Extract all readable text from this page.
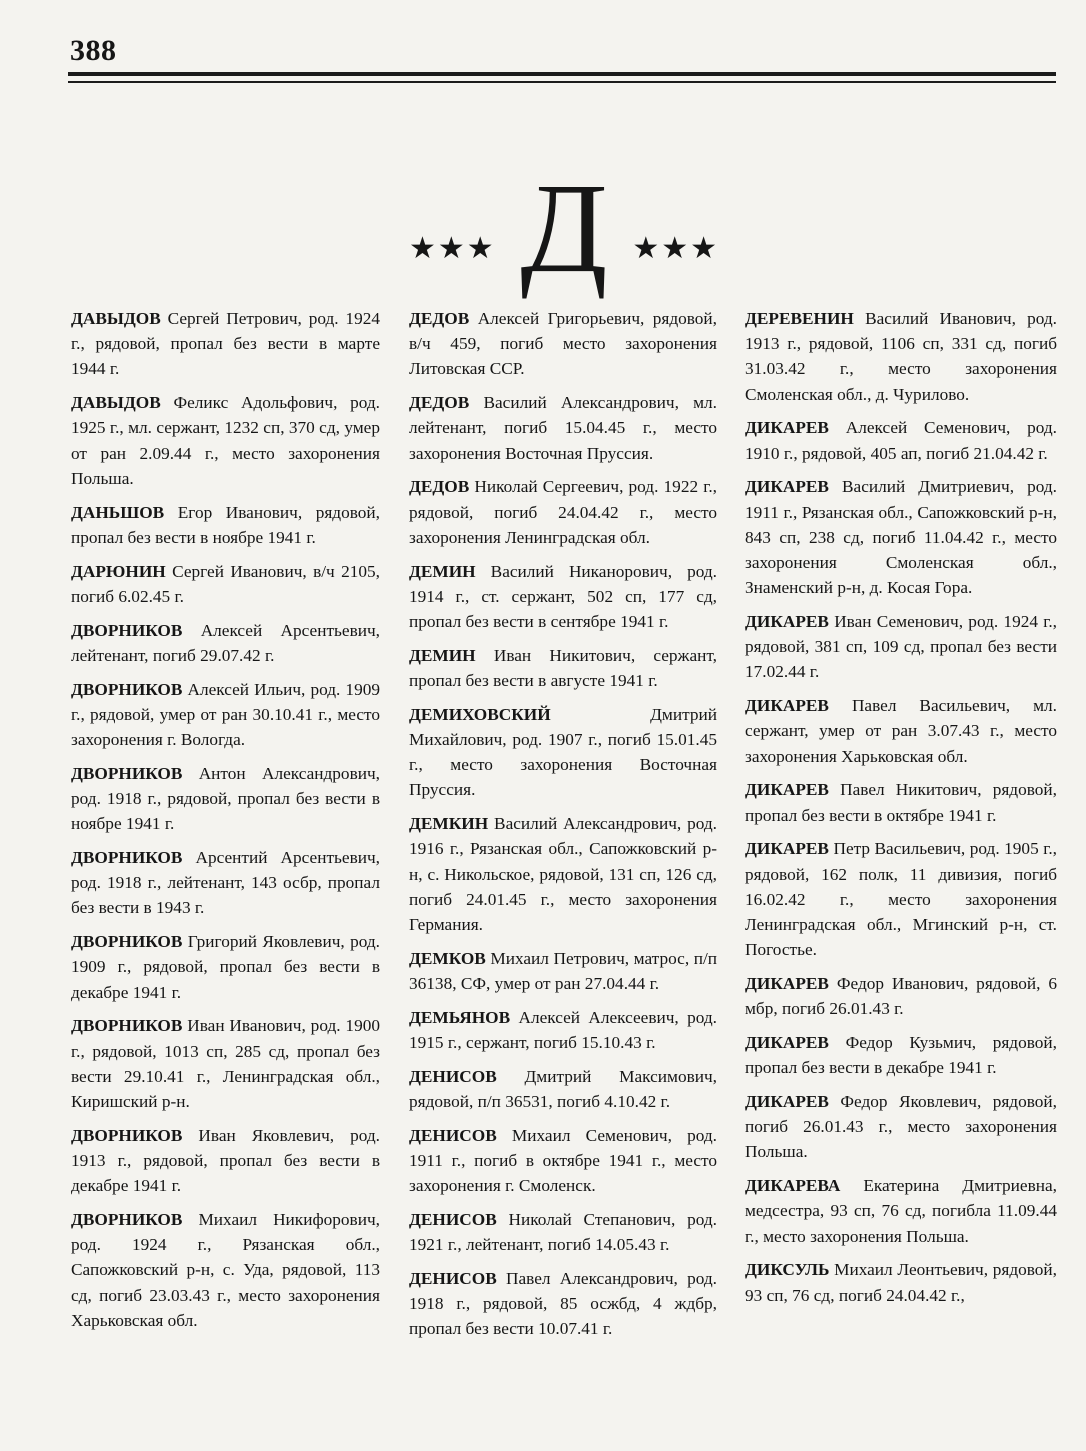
388
★★★ Д ★★★

ДАВЫДОВ Сергей Петрович, род. 1924 г., рядовой, пропал без вести в марте 1944 г.

ДАВЫДОВ Феликс Адольфович, род. 1925 г., мл. сержант, 1232 сп, 370 сд, умер от ран 2.09.44 г., место захоронения Польша.

ДАНЬШОВ Егор Иванович, рядовой, пропал без вести в ноябре 1941 г.

ДАРЮНИН Сергей Иванович, в/ч 2105, погиб 6.02.45 г.

ДВОРНИКОВ Алексей Арсентьевич, лейтенант, погиб 29.07.42 г.

ДВОРНИКОВ Алексей Ильич, род. 1909 г., рядовой, умер от ран 30.10.41 г., место захоронения г. Вологда.

ДВОРНИКОВ Антон Александрович, род. 1918 г., рядовой, пропал без вести в ноябре 1941 г.

ДВОРНИКОВ Арсентий Арсентьевич, род. 1918 г., лейтенант, 143 осбр, пропал без вести в 1943 г.

ДВОРНИКОВ Григорий Яковлевич, род. 1909 г., рядовой, пропал без вести в декабре 1941 г.

ДВОРНИКОВ Иван Иванович, род. 1900 г., рядовой, 1013 сп, 285 сд, пропал без вести 29.10.41 г., Ленинградская обл., Киришский р-н.

ДВОРНИКОВ Иван Яковлевич, род. 1913 г., рядовой, пропал без вести в декабре 1941 г.

ДВОРНИКОВ Михаил Никифорович, род. 1924 г., Рязанская обл., Сапожковский р-н, с. Уда, рядовой, 113 сд, погиб 23.03.43 г., место захоронения Харьковская обл.

ДЕДОВ Алексей Григорьевич, рядовой, в/ч 459, погиб место захоронения Литовская ССР.

ДЕДОВ Василий Александрович, мл. лейтенант, погиб 15.04.45 г., место захоронения Восточная Пруссия.

ДЕДОВ Николай Сергеевич, род. 1922 г., рядовой, погиб 24.04.42 г., место захоронения Ленинградская обл.

ДЕМИН Василий Никанорович, род. 1914 г., ст. сержант, 502 сп, 177 сд, пропал без вести в сентябре 1941 г.

ДЕМИН Иван Никитович, сержант, пропал без вести в августе 1941 г.

ДЕМИХОВСКИЙ	Дмитрий Михайлович, род. 1907 г., погиб 15.01.45 г., место захоронения Восточная Пруссия.

ДЕМКИН Василий Александрович, род. 1916 г., Рязанская обл., Сапожковский р-н, с. Никольское, рядовой, 131 сп, 126 сд, погиб 24.01.45 г., место захоронения Германия.

ДЕМКОВ Михаил Петрович, матрос, п/п 36138, СФ, умер от ран 27.04.44 г.

ДЕМЬЯНОВ Алексей Алексеевич, род. 1915 г., сержант, погиб 15.10.43 г.

ДЕНИСОВ Дмитрий Максимович, рядовой, п/п 36531, погиб 4.10.42 г.

ДЕНИСОВ Михаил Семенович, род. 1911 г., погиб в октябре 1941 г., место захоронения г. Смоленск.

ДЕНИСОВ Николай Степанович, род. 1921 г., лейтенант, погиб 14.05.43 г.

ДЕНИСОВ Павел Александрович, род. 1918 г., рядовой, 85 осжбд, 4 ждбр, пропал без вести 10.07.41 г.

ДЕРЕВЕНИН Василий Иванович, род. 1913 г., рядовой, 1106 сп, 331 сд, погиб 31.03.42 г., место захоронения Смоленская обл., д. Чурилово.

ДИКАРЕВ Алексей Семенович, род. 1910 г., рядовой, 405 ап, погиб 21.04.42 г.

ДИКАРЕВ Василий Дмитриевич, род. 1911 г., Рязанская обл., Сапожковский р-н, 843 сп, 238 сд, погиб 11.04.42 г., место захоронения Смоленская обл., Знаменский р-н, д. Косая Гора.

ДИКАРЕВ Иван Семенович, род. 1924 г., рядовой, 381 сп, 109 сд, пропал без вести 17.02.44 г.

ДИКАРЕВ Павел Васильевич, мл. сержант, умер от ран 3.07.43 г., место захоронения Харьковская обл.

ДИКАРЕВ Павел Никитович, рядовой, пропал без вести в октябре 1941 г.

ДИКАРЕВ Петр Васильевич, род. 1905 г., рядовой, 162 полк, 11 дивизия, погиб 16.02.42 г., место захоронения Ленинградская обл., Мгинский р-н, ст. Погостье.

ДИКАРЕВ Федор Иванович, рядовой, 6 мбр, погиб 26.01.43 г.

ДИКАРЕВ Федор Кузьмич, рядовой, пропал без вести в декабре 1941 г.

ДИКАРЕВ Федор Яковлевич, рядовой, погиб 26.01.43 г., место захоронения Польша.

ДИКАРЕВА Екатерина Дмитриевна, медсестра, 93 сп, 76 сд, погибла 11.09.44 г., место захоронения Польша.

ДИКСУЛЬ Михаил Леонтьевич, рядовой, 93 сп, 76 сд, погиб 24.04.42 г.,
